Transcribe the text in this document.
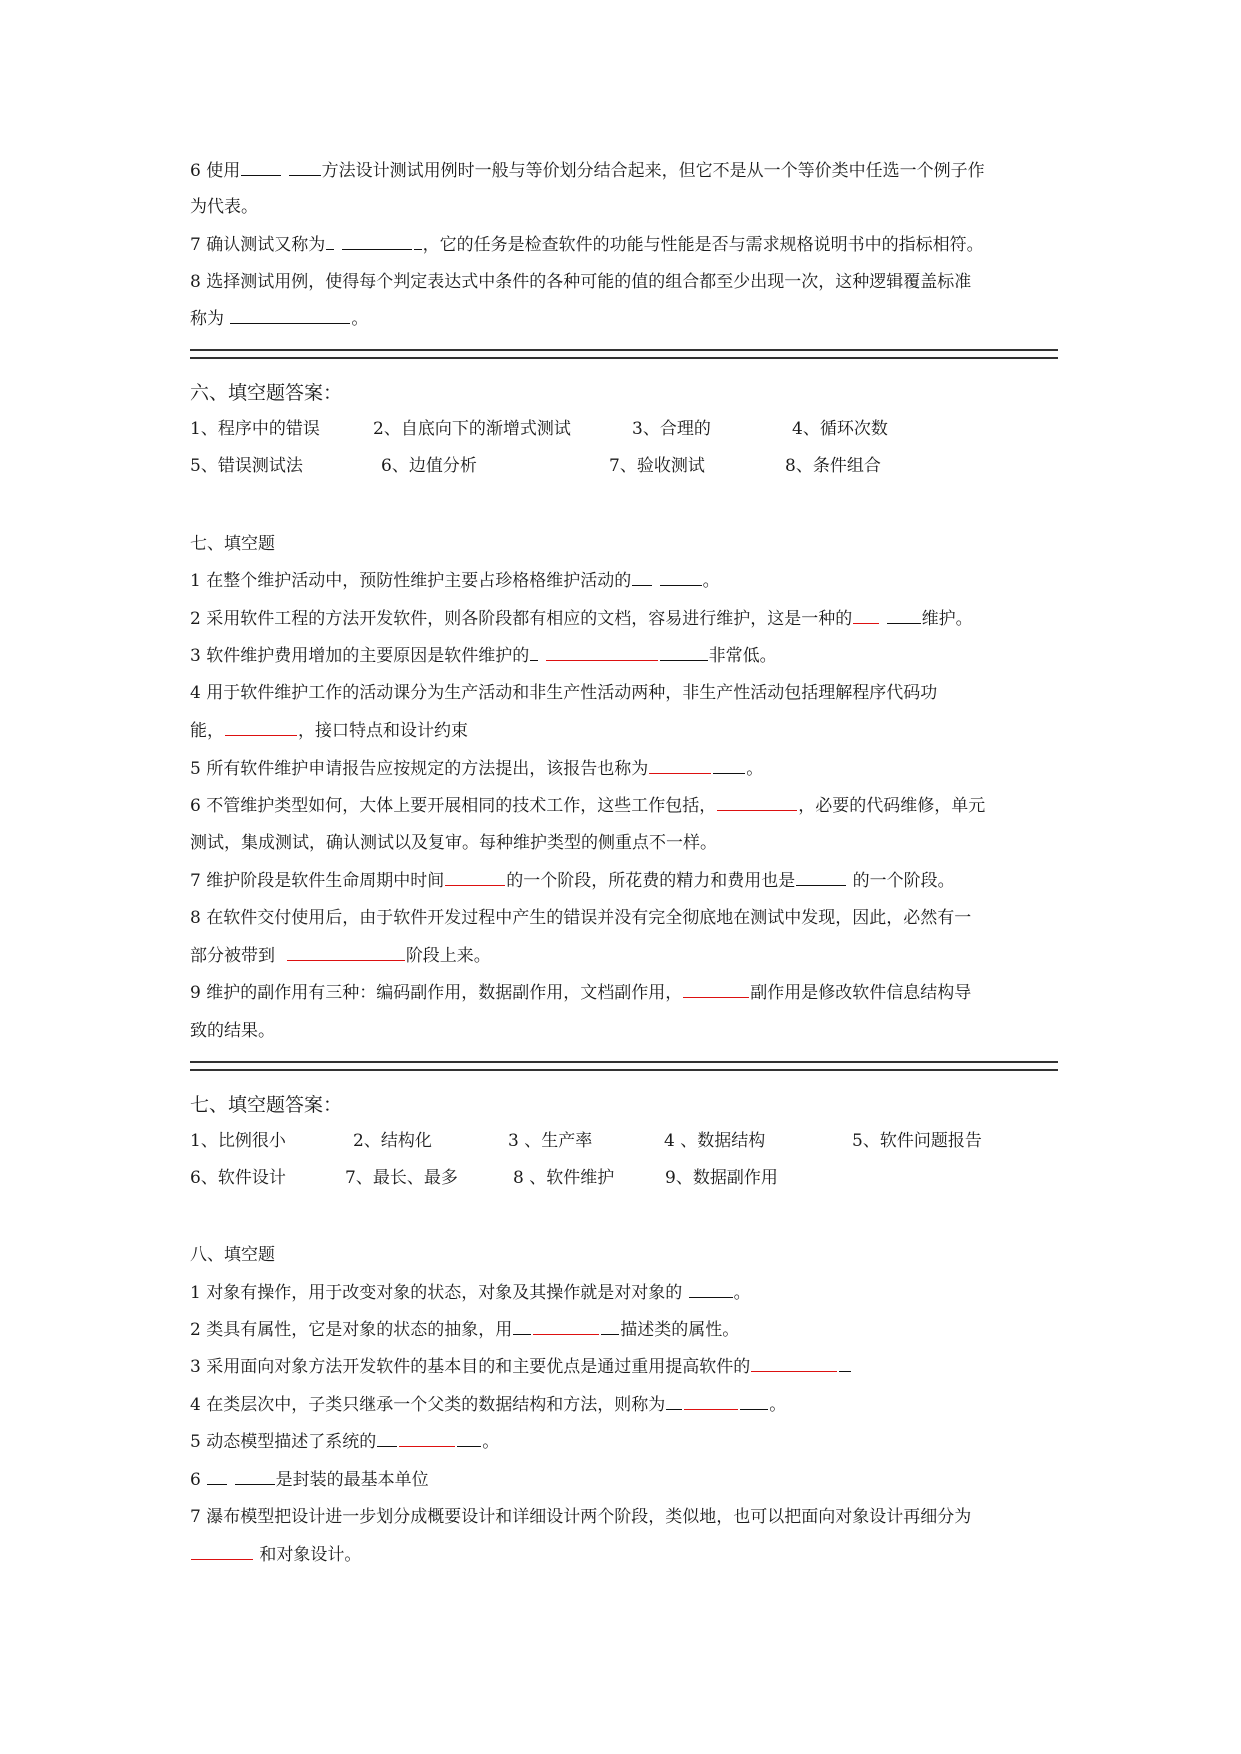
6 使用	方法设计测试用例时一般与等价划分结合起来，但它不是从一个等价类中任选一个例子作
为代表。
7 确认测试又称为	，它的任务是检查软件的功能与性能是否与需求规格说明书中的指标相符。
8 选择测试用例，使得每个判定表达式中条件的各种可能的值的组合都至少出现一次，这种逻辑覆盖标准
称为	。
六、填空题答案：
1、程序中的错误	2、自底向下的渐增式测试	3、合理的	4、循环次数
5、错误测试法	6、边值分析	7、验收测试	8、条件组合
七、填空题
1 在整个维护活动中，预防性维护主要占珍格格维护活动的	。
2 采用软件工程的方法开发软件，则各阶段都有相应的文档，容易进行维护，这是一种的	维护。
3 软件维护费用增加的主要原因是软件维护的	非常低。
4 用于软件维护工作的活动课分为生产活动和非生产性活动两种，非生产性活动包括理解程序代码功
能，	，接口特点和设计约束
5 所有软件维护申请报告应按规定的方法提出，该报告也称为	。
6 不管维护类型如何，大体上要开展相同的技术工作，这些工作包括，	，必要的代码维修，单元
测试，集成测试，确认测试以及复审。每种维护类型的侧重点不一样。
7 维护阶段是软件生命周期中时间	的一个阶段，所花费的精力和费用也是	的一个阶段。
8 在软件交付使用后，由于软件开发过程中产生的错误并没有完全彻底地在测试中发现，因此，必然有一
部分被带到	阶段上来。
9 维护的副作用有三种：编码副作用，数据副作用，文档副作用，	副作用是修改软件信息结构导
致的结果。
七、填空题答案：
1、比例很小	2、结构化	3 、生产率	4 、数据结构	5、软件问题报告
6、软件设计	7、最长、最多	8 、软件维护	9、数据副作用
八、填空题
1 对象有操作，用于改变对象的状态，对象及其操作就是对对象的	。
2 类具有属性，它是对象的状态的抽象，用	描述类的属性。
3 采用面向对象方法开发软件的基本目的和主要优点是通过重用提高软件的
4 在类层次中，子类只继承一个父类的数据结构和方法，则称为	。
5 动态模型描述了系统的	。
6	是封装的最基本单位
7 瀑布模型把设计进一步划分成概要设计和详细设计两个阶段，类似地，也可以把面向对象设计再细分为
和对象设计。
